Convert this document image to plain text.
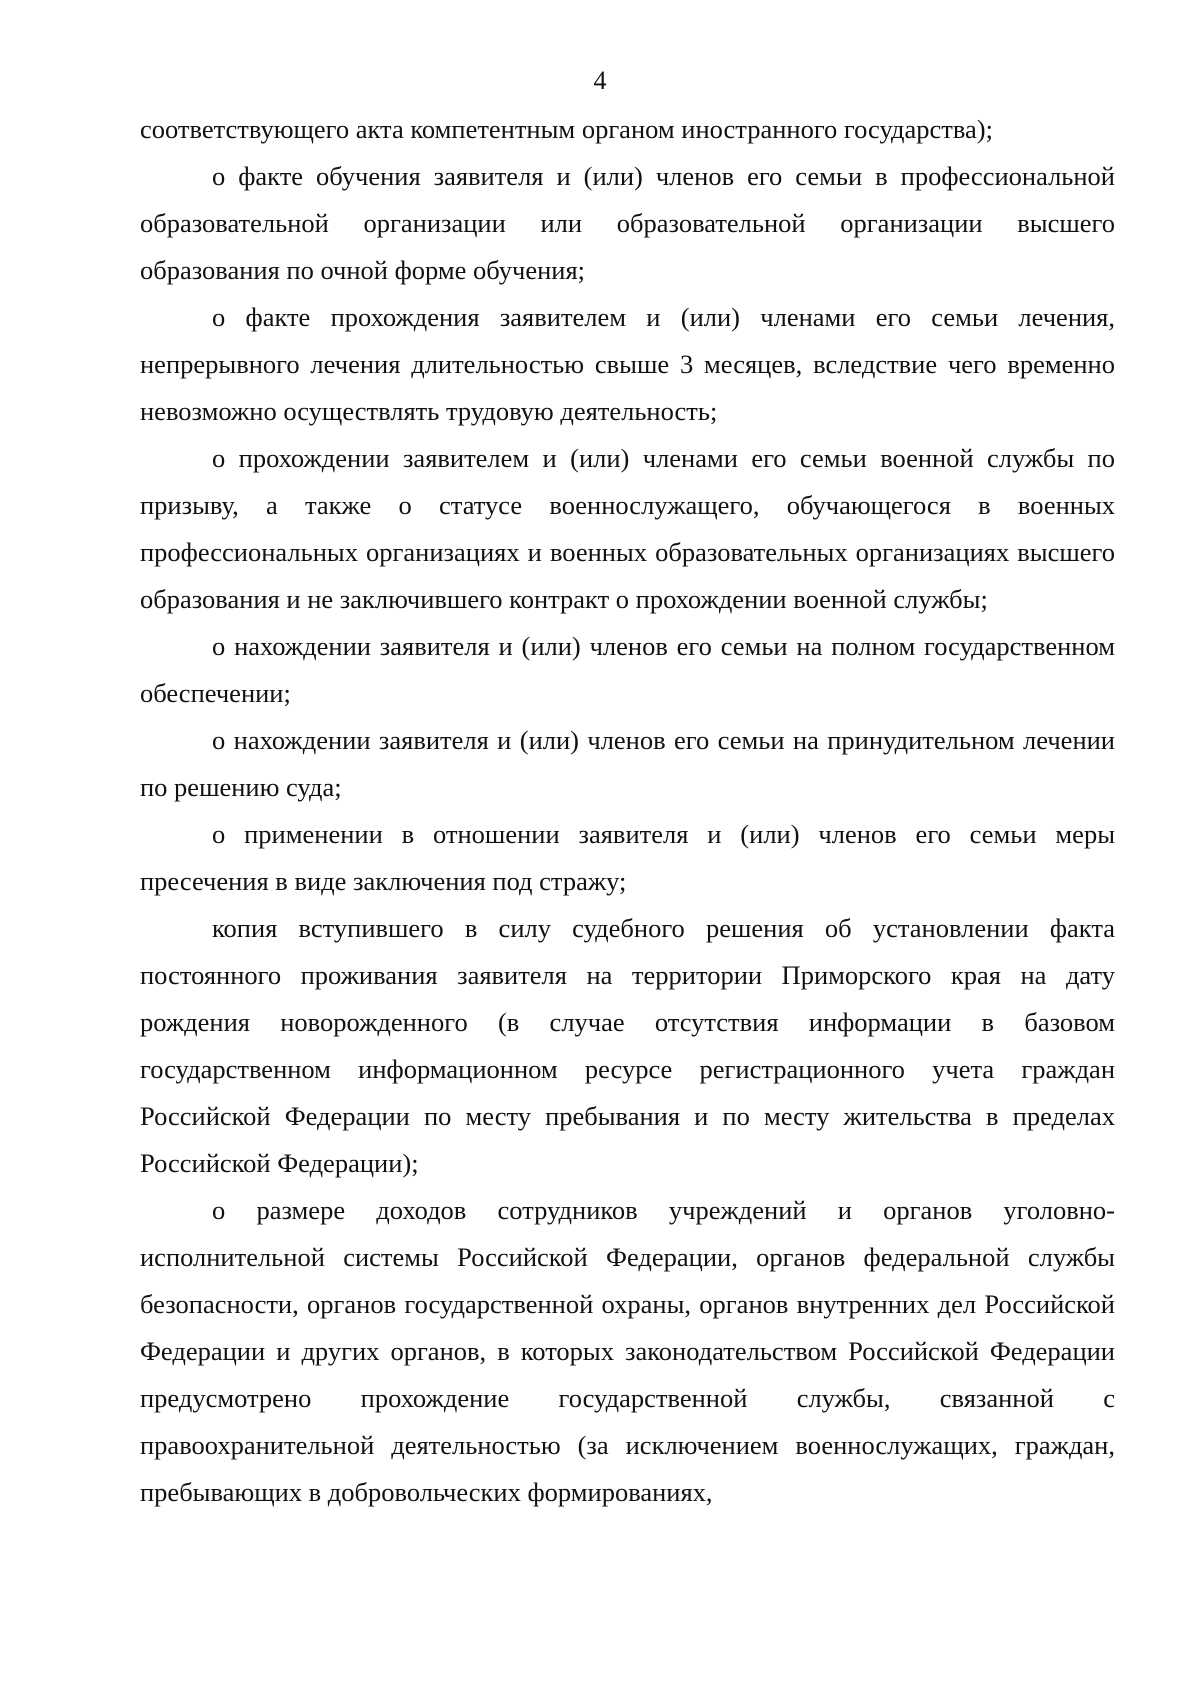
4

соответствующего акта компетентным органом иностранного государства);

о факте обучения заявителя и (или) членов его семьи в профессиональной образовательной организации или образовательной организации высшего образования по очной форме обучения;

о факте прохождения заявителем и (или) членами его семьи лечения, непрерывного лечения длительностью свыше 3 месяцев, вследствие чего временно невозможно осуществлять трудовую деятельность;

о прохождении заявителем и (или) членами его семьи военной службы по призыву, а также о статусе военнослужащего, обучающегося в военных профессиональных организациях и военных образовательных организациях высшего образования и не заключившего контракт о прохождении военной службы;

о нахождении заявителя и (или) членов его семьи на полном государственном обеспечении;

о нахождении заявителя и (или) членов его семьи на принудительном лечении по решению суда;

о применении в отношении заявителя и (или) членов его семьи меры пресечения в виде заключения под стражу;

копия вступившего в силу судебного решения об установлении факта постоянного проживания заявителя на территории Приморского края на дату рождения новорожденного (в случае отсутствия информации в базовом государственном информационном ресурсе регистрационного учета граждан Российской Федерации по месту пребывания и по месту жительства в пределах Российской Федерации);

о размере доходов сотрудников учреждений и органов уголовно-исполнительной системы Российской Федерации, органов федеральной службы безопасности, органов государственной охраны, органов внутренних дел Российской Федерации и других органов, в которых законодательством Российской Федерации предусмотрено прохождение государственной службы, связанной с правоохранительной деятельностью (за исключением военнослужащих, граждан, пребывающих в добровольческих формированиях,
